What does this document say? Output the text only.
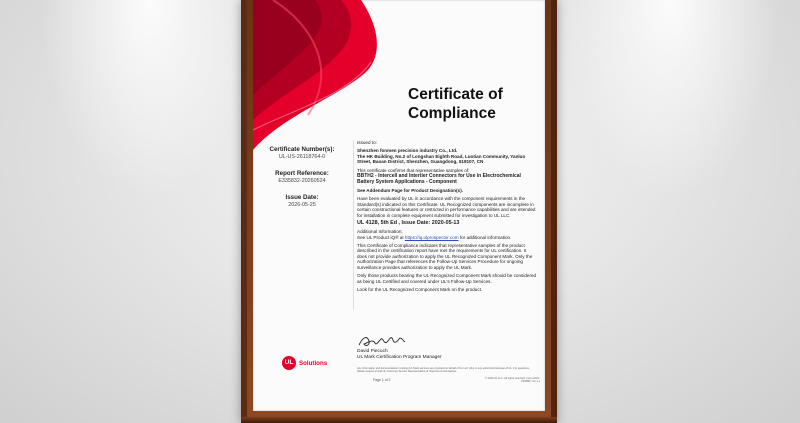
Certificate of
Compliance
Certificate Number(s):
UL-US-26118764-0
Report Reference:
E335832-20260524
Issue Date:
2026-05-25

Issued to:

Shenzhen fonmen precision industry Co., Ltd.

The HK Building, No.2 of Longshan Eighth Road, Luotian Community, Yanluo Street, Baoan District, Shenzhen, Guangdong, 518107, CN

This certificate confirms that representative samples of:

BBTH2 - Intercell and Intertier Connectors for Use in Electrochemical Battery System Applications - Component

See Addendum Page for Product Designation(s).

Have been evaluated by UL in accordance with the component requirements in the Standard(s) indicated on this Certificate. UL Recognized components are incomplete in certain constructional features or restricted in performance capabilities and are intended for installation in complete equipment submitted for investigation to UL LLC.

UL 4128, 5th Ed , Issue Date: 2020-05-13

Additional Information:
See UL Product iQ® at https://iq.ulprospector.com for additional information.

This Certificate of Compliance indicates that representative samples of the product described in the certification report have met the requirements for UL certification. It does not provide authorization to apply the UL Recognized Component Mark. Only the Authorization Page that references the Follow-Up Services Procedure for ongoing surveillance provides authorization to apply the UL Mark.

Only those products bearing the UL Recognized Component Mark should be considered as being UL Certified and covered under UL's Follow-Up Services.

Look for the UL Recognized Component Mark on the product.

David Piecuch
UL Mark Certification Program Manager
Any information and documentation involving UL Mark services are provided on behalf of UL LLC (UL) or any authorized licensee of UL. For questions, please contact a local UL Customer Service Representative at https://ul.com/contactus
Page 1 of 2	© 2026 UL LLC. All rights reserved. Form-ULID-003588 / ver 1.1
UL Solutions
